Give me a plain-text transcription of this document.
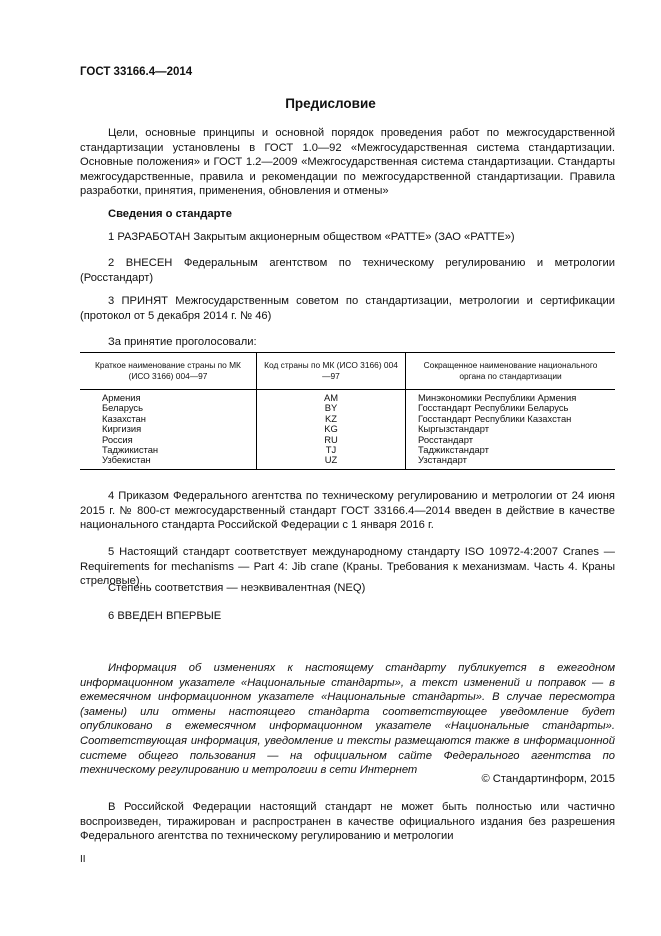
ГОСТ 33166.4—2014
Предисловие
Цели, основные принципы и основной порядок проведения работ по межгосударственной стандартизации установлены в ГОСТ 1.0—92 «Межгосударственная система стандартизации. Основные положения» и ГОСТ 1.2—2009 «Межгосударственная система стандартизации. Стандарты межгосударственные, правила и рекомендации по межгосударственной стандартизации. Правила разработки, принятия, применения, обновления и отмены»
Сведения о стандарте
1 РАЗРАБОТАН Закрытым акционерным обществом «РАТТЕ» (ЗАО «РАТТЕ»)
2 ВНЕСЕН Федеральным агентством по техническому регулированию и метрологии (Росстандарт)
3 ПРИНЯТ Межгосударственным советом по стандартизации, метрологии и сертификации (протокол от 5 декабря 2014 г. № 46)
За принятие проголосовали:
Краткое наименование страны по МК (ИСО 3166) 004—97	Код страны по МК (ИСО 3166) 004—97	Сокращенное наименование национального органа по стандартизации
Армения	AM	Минэкономики Республики Армения
Беларусь	BY	Госстандарт Республики Беларусь
Казахстан	KZ	Госстандарт Республики Казахстан
Киргизия	KG	Кыргызстандарт
Россия	RU	Росстандарт
Таджикистан	TJ	Таджикстандарт
Узбекистан	UZ	Узстандарт
4 Приказом Федерального агентства по техническому регулированию и метрологии от 24 июня 2015 г. № 800-ст межгосударственный стандарт ГОСТ 33166.4—2014 введен в действие в качестве национального стандарта Российской Федерации с 1 января 2016 г.
5 Настоящий стандарт соответствует международному стандарту ISO 10972-4:2007 Cranes — Requirements for mechanisms — Part 4: Jib crane (Краны. Требования к механизмам. Часть 4. Краны стреловые).
Степень соответствия — неэквивалентная (NEQ)
6 ВВЕДЕН ВПЕРВЫЕ
Информация об изменениях к настоящему стандарту публикуется в ежегодном информационном указателе «Национальные стандарты», а текст изменений и поправок — в ежемесячном информационном указателе «Национальные стандарты». В случае пересмотра (замены) или отмены настоящего стандарта соответствующее уведомление будет опубликовано в ежемесячном информационном указателе «Национальные стандарты». Соответствующая информация, уведомление и тексты размещаются также в информационной системе общего пользования — на официальном сайте Федерального агентства по техническому регулированию и метрологии в сети Интернет
© Стандартинформ, 2015
В Российской Федерации настоящий стандарт не может быть полностью или частично воспроизведен, тиражирован и распространен в качестве официального издания без разрешения Федерального агентства по техническому регулированию и метрологии
II
